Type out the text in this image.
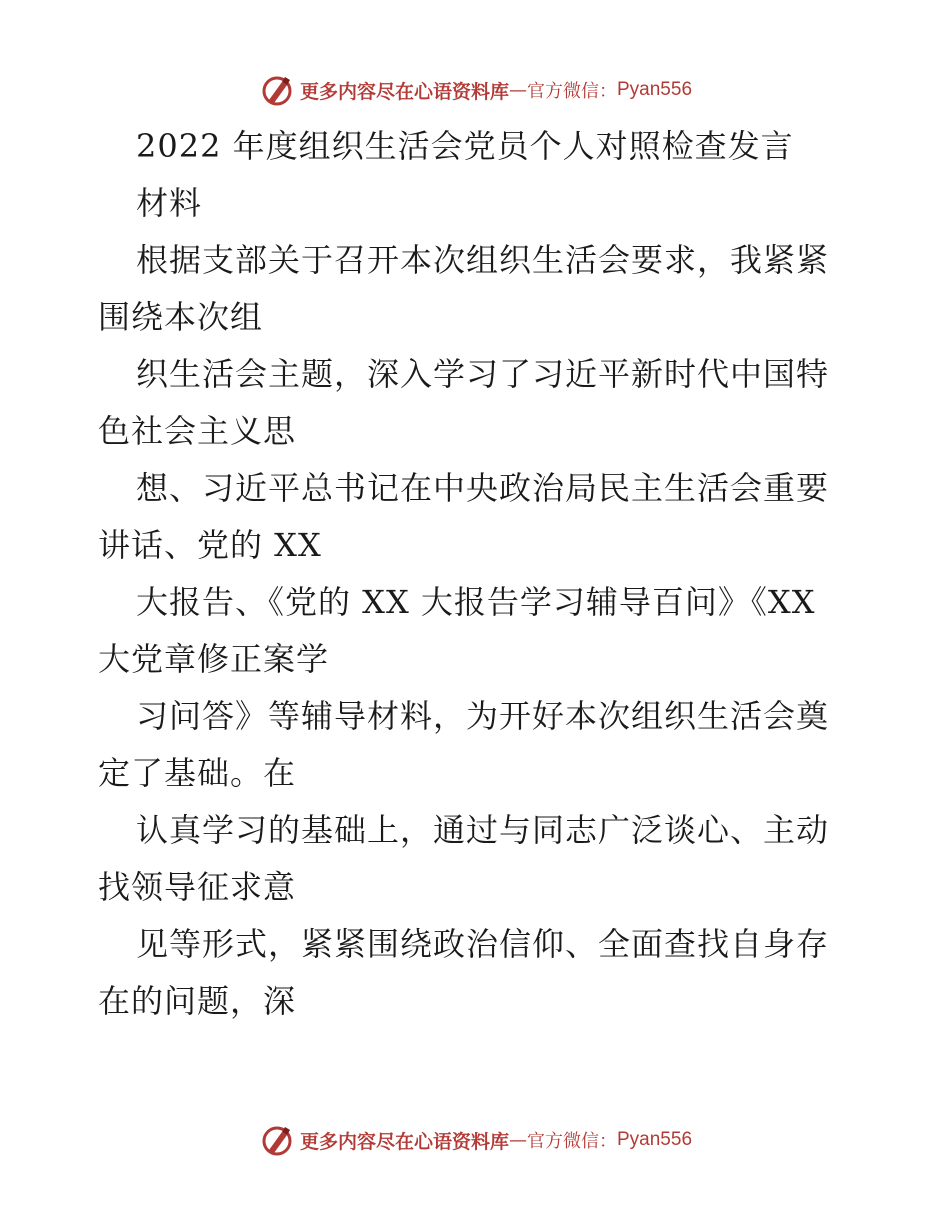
更多内容尽在心语资料库 — 官方微信： Pyan556
2022 年度组织生活会党员个人对照检查发言
材料
根据支部关于召开本次组织生活会要求，我紧紧
围绕本次组
织生活会主题，深入学习了习近平新时代中国特
色社会主义思
想、习近平总书记在中央政治局民主生活会重要
讲话、党的 XX
大报告、《党的 XX 大报告学习辅导百问》《XX
大党章修正案学
习问答》等辅导材料，为开好本次组织生活会奠
定了基础。在
认真学习的基础上，通过与同志广泛谈心、主动
找领导征求意
见等形式，紧紧围绕政治信仰、全面查找自身存
在的问题，深
更多内容尽在心语资料库 — 官方微信： Pyan556
